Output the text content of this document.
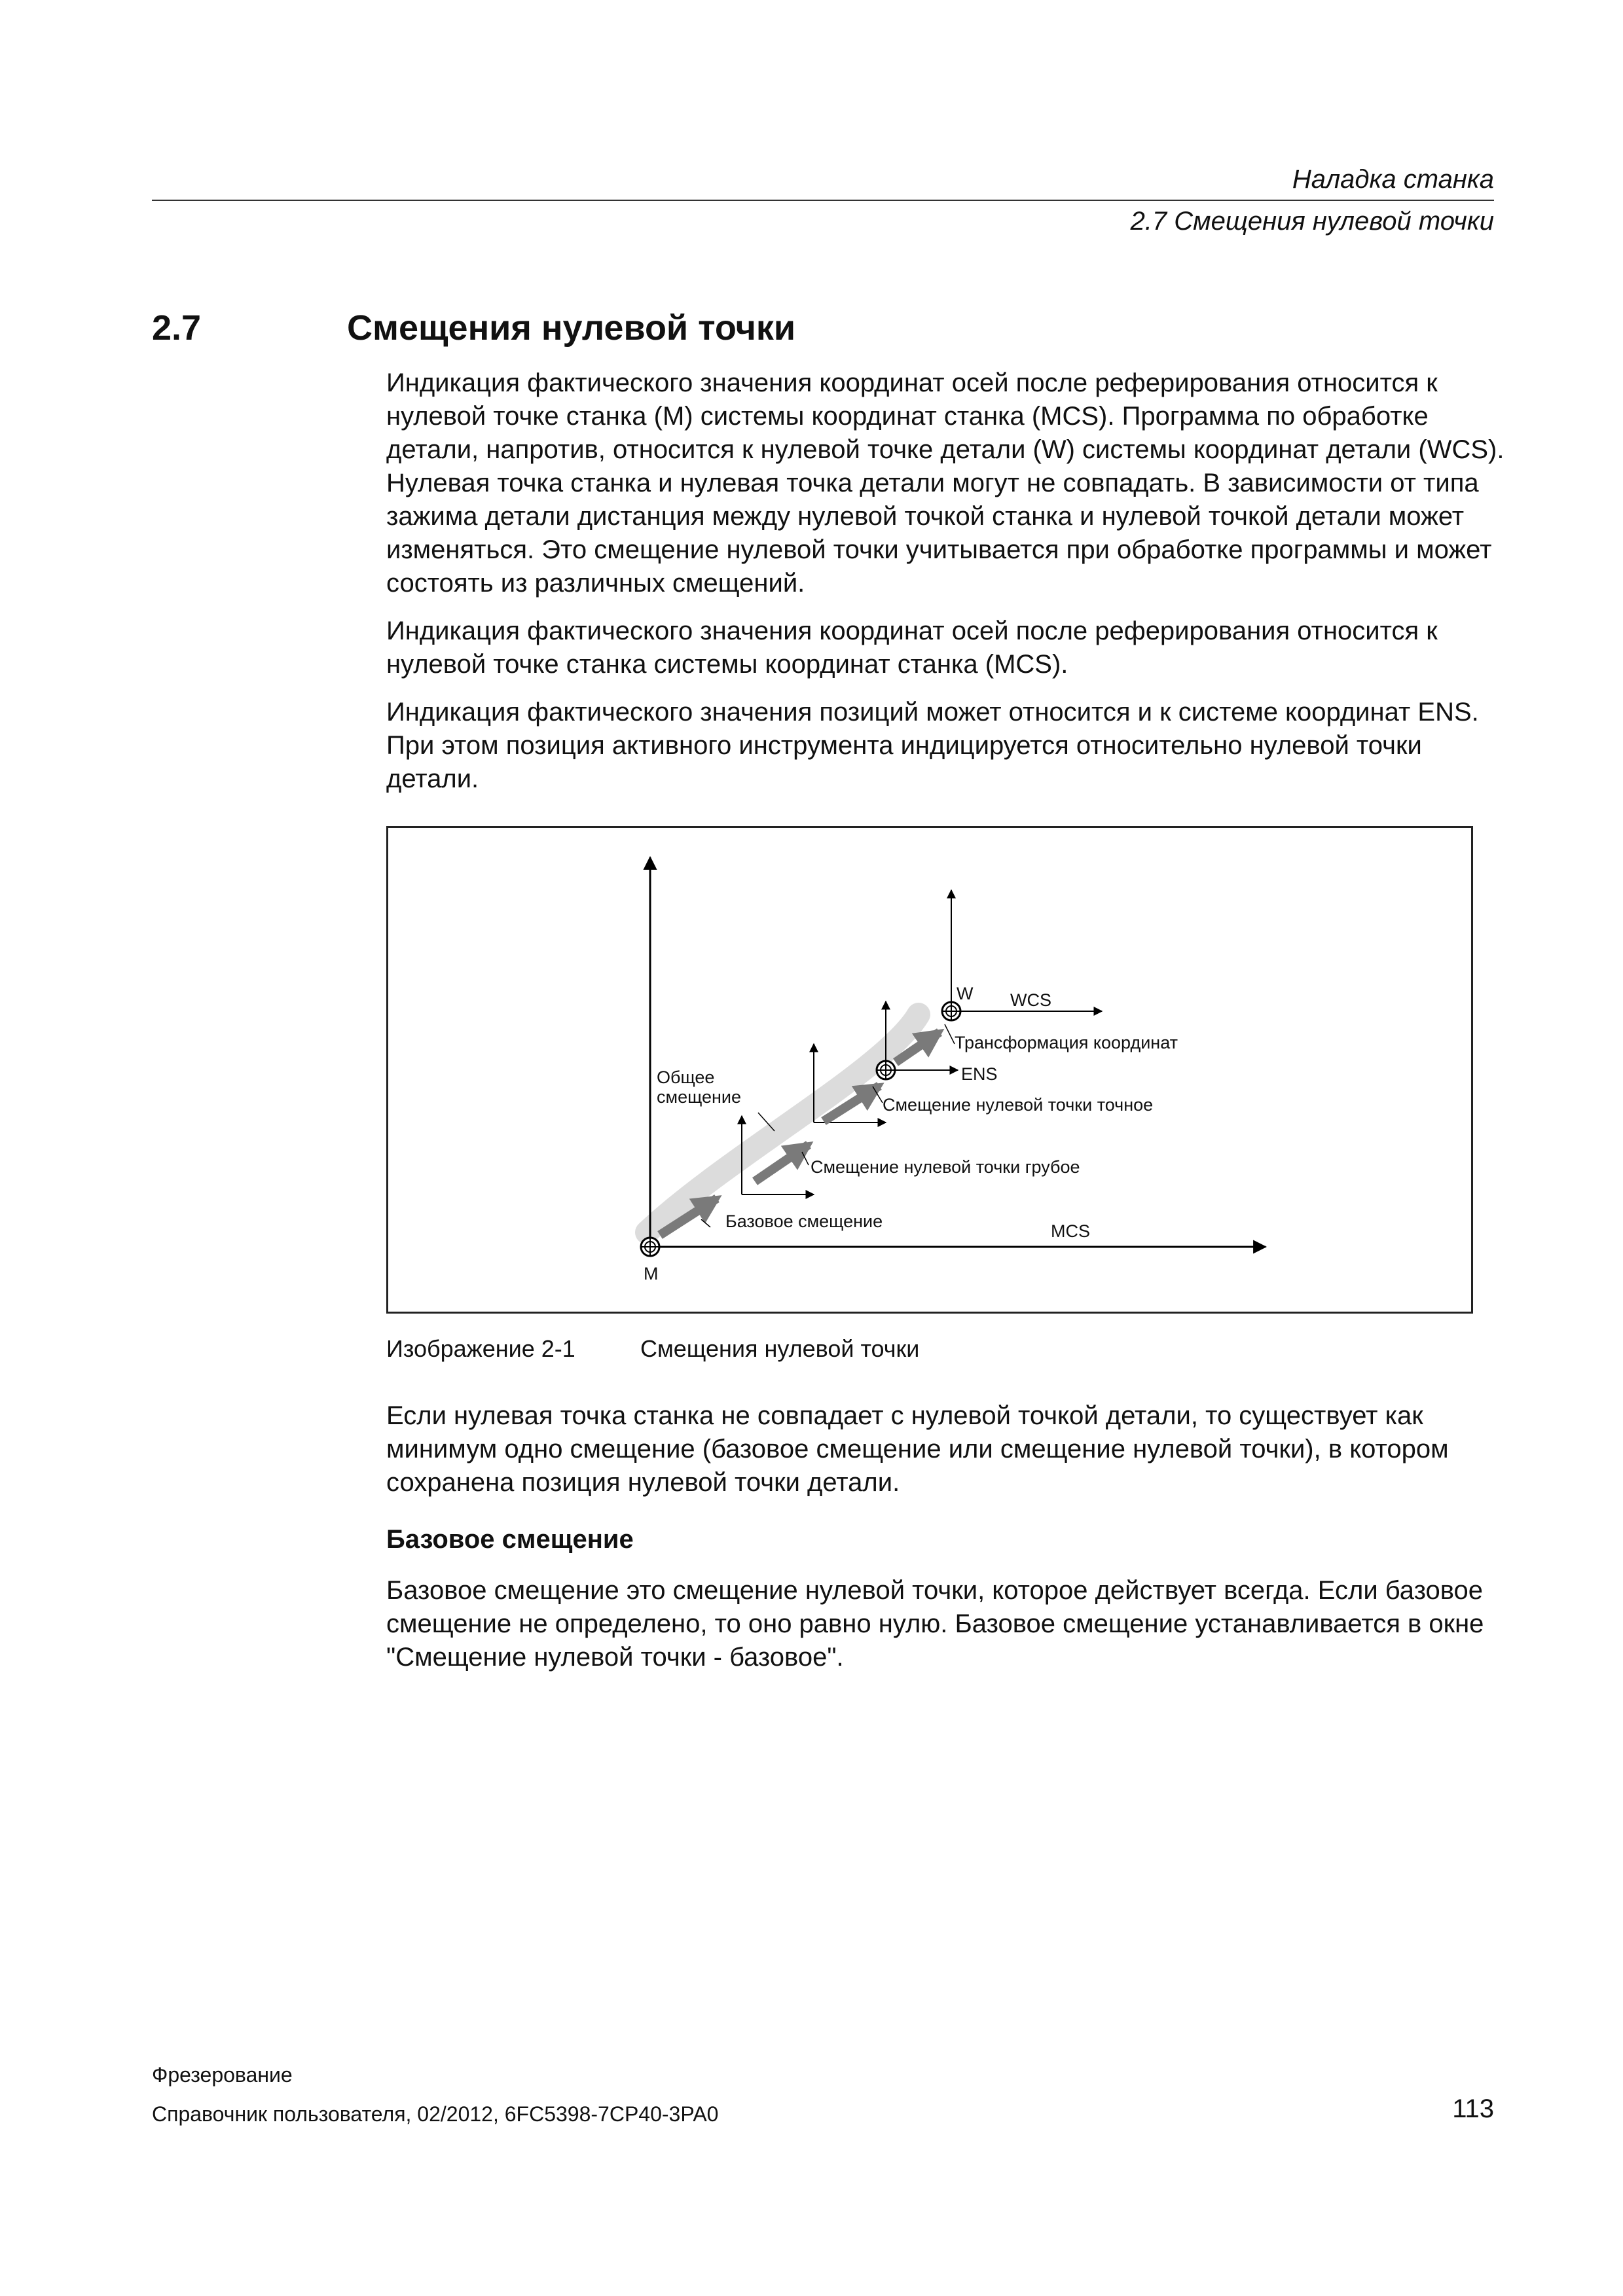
Наладка станка
2.7 Смещения нулевой точки
2.7	Смещения нулевой точки

Индикация фактического значения координат осей после реферирования относится к нулевой точке станка (M) системы координат станка (MCS). Программа по обработке детали, напротив, относится к нулевой точке детали (W) системы координат детали (WCS). Нулевая точка станка и нулевая точка детали могут не совпадать. В зависимости от типа зажима детали дистанция между нулевой точкой станка и нулевой точкой детали может изменяться. Это смещение нулевой точки учитывается при обработке программы и может состоять из различных смещений.

Индикация фактического значения координат осей после реферирования относится к нулевой точке станка системы координат станка (MCS).

Индикация фактического значения позиций может относится и к системе координат ENS. При этом позиция активного инструмента индицируется относительно нулевой точки детали.

W WCS
Трансформация координат
Общее
смещение
ENS
Смещение нулевой точки точное
Смещение нулевой точки грубое
Базовое смещение	MCS
M
Изображение 2-1	Смещения нулевой точки

Если нулевая точка станка не совпадает с нулевой точкой детали, то существует как минимум одно смещение (базовое смещение или смещение нулевой точки), в котором сохранена позиция нулевой точки детали.

Базовое смещение

Базовое смещение это смещение нулевой точки, которое действует всегда. Если базовое смещение не определено, то оно равно нулю. Базовое смещение устанавливается в окне "Смещение нулевой точки - базовое".

Фрезерование
Справочник пользователя, 02/2012, 6FC5398-7CP40-3PA0	113
